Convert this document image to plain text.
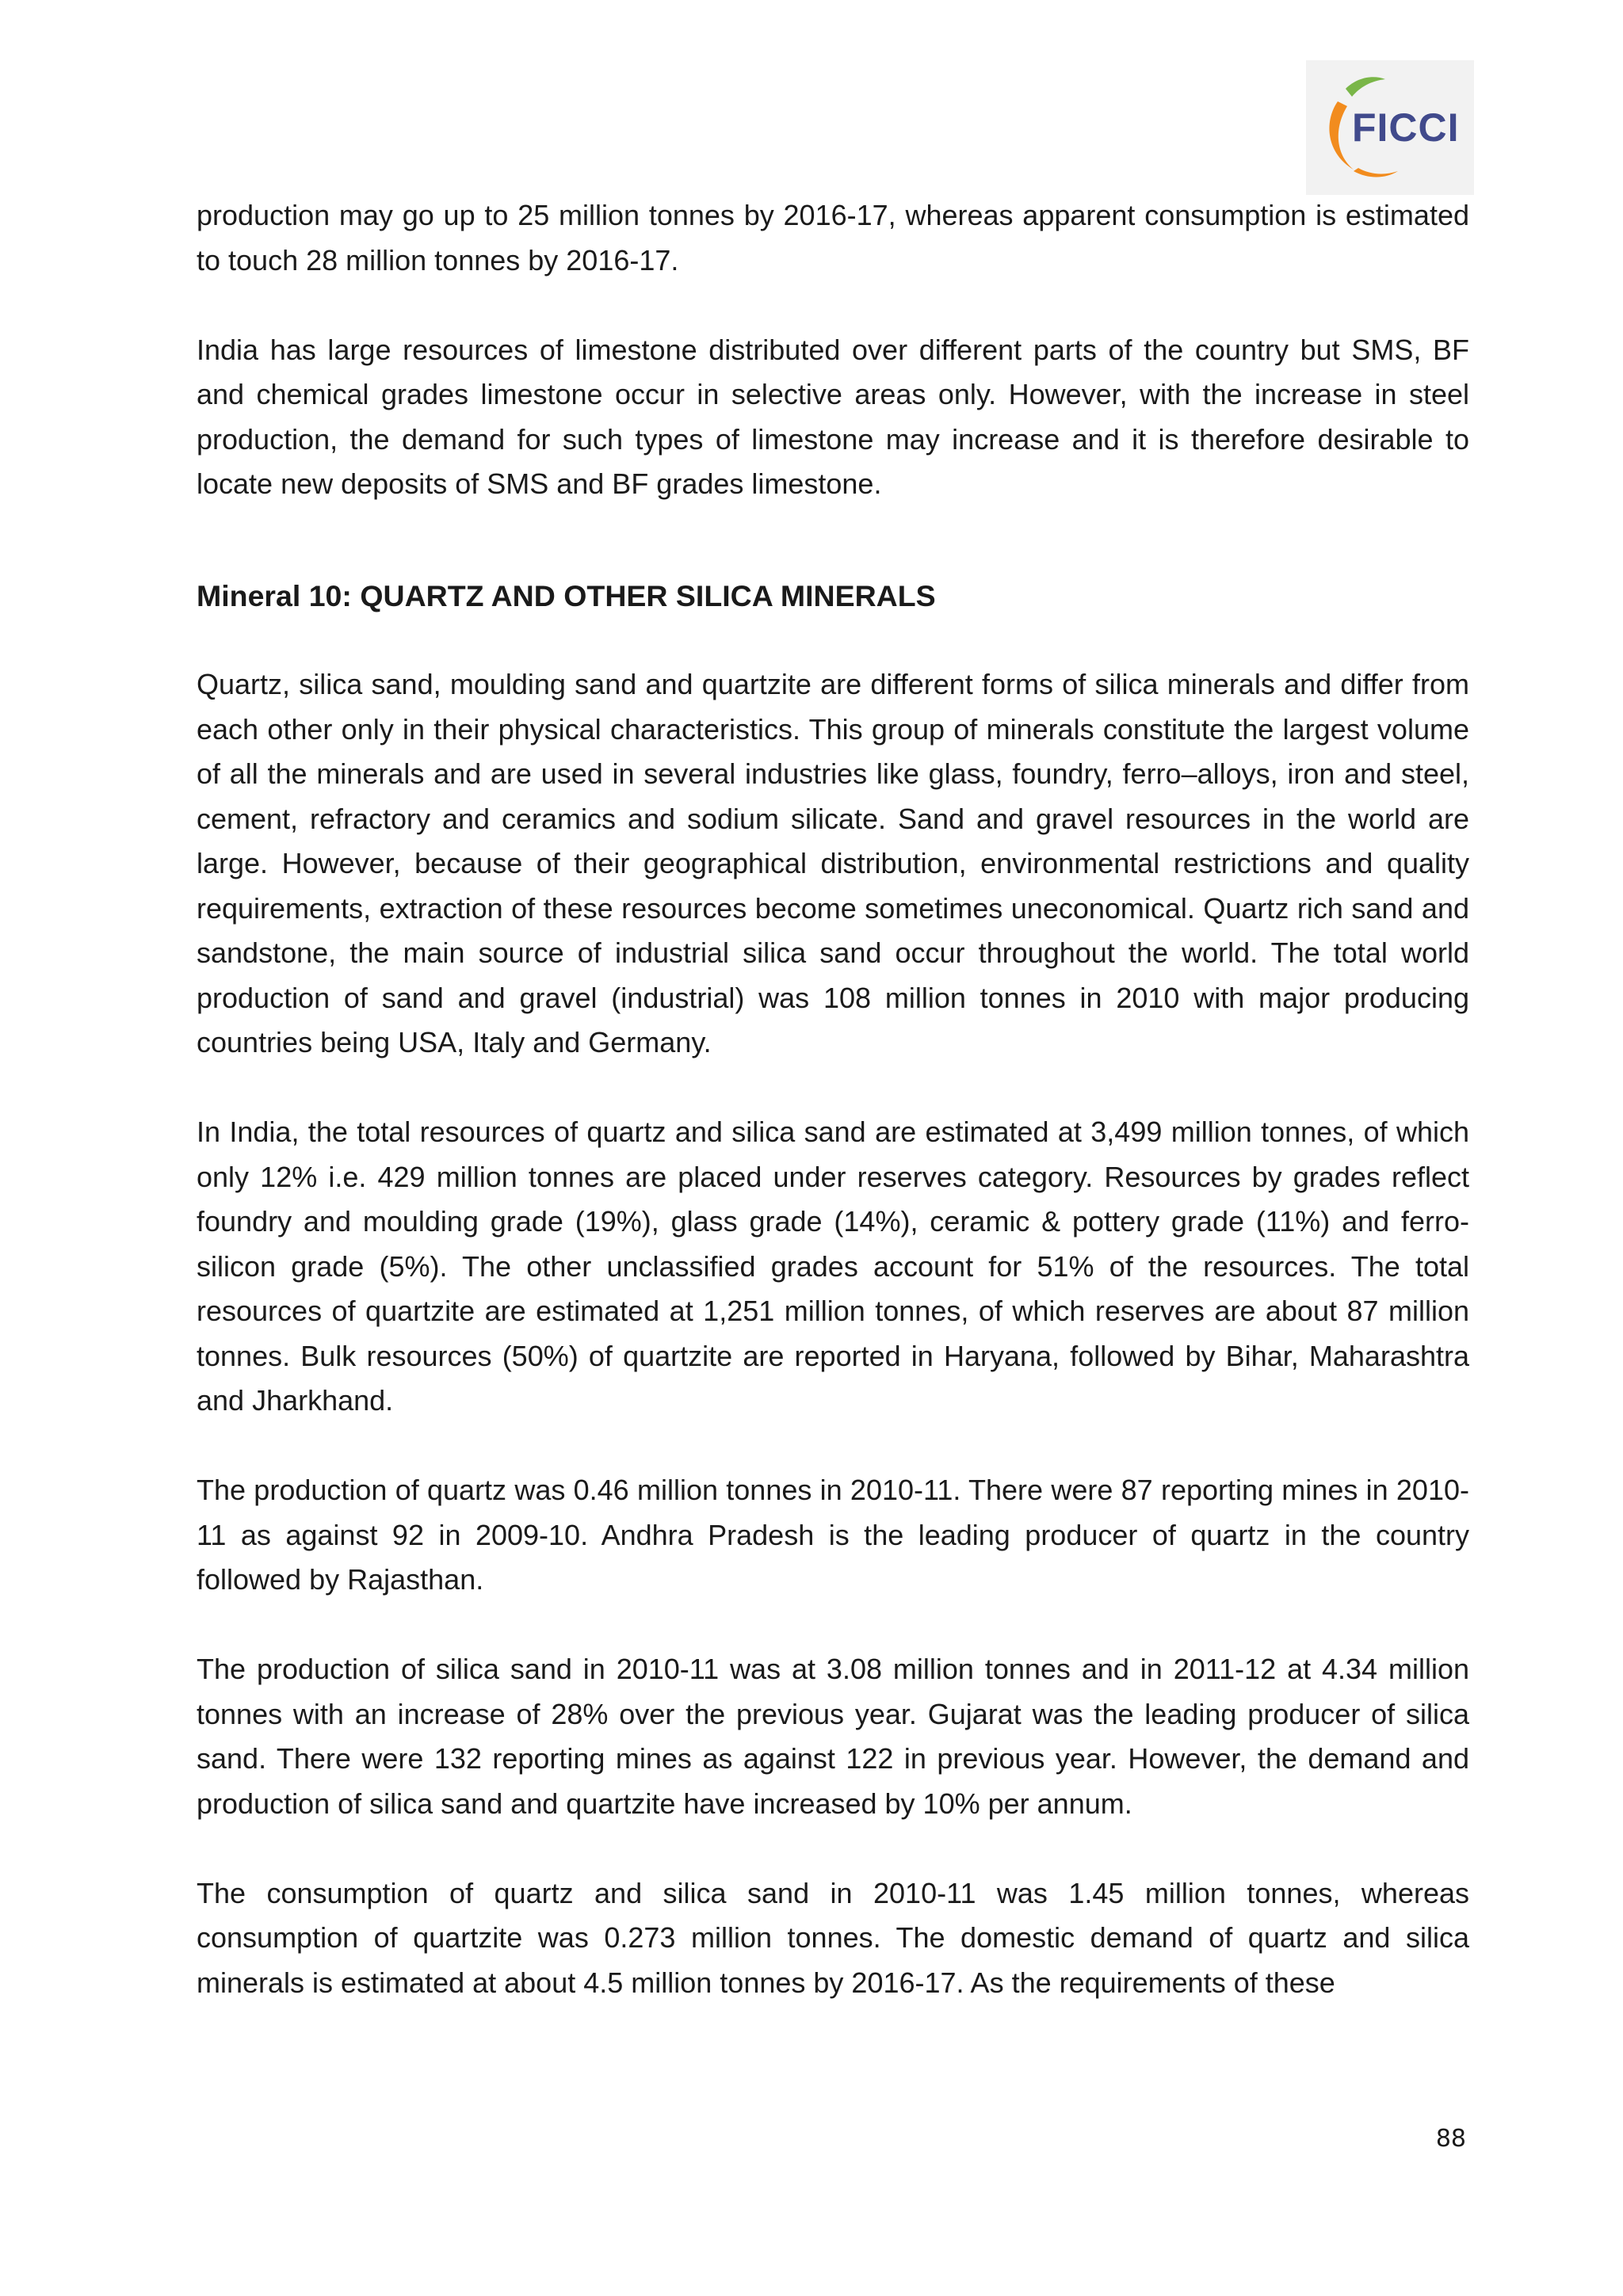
FICCI

production may go up to 25 million tonnes by 2016-17, whereas apparent consumption is estimated to touch 28 million tonnes by 2016-17.

India has large resources of limestone distributed over different parts of the country but SMS, BF and chemical grades limestone occur in selective areas only. However, with the increase in steel production, the demand for such types of limestone may increase and it is therefore desirable to locate new deposits of SMS and BF grades limestone.

Mineral 10: QUARTZ AND OTHER SILICA MINERALS

Quartz, silica sand, moulding sand and quartzite are different forms of silica minerals and differ from each other only in their physical characteristics. This group of minerals constitute the largest volume of all the minerals and are used in several industries like glass, foundry, ferro–alloys, iron and steel, cement, refractory and ceramics and sodium silicate. Sand and gravel resources in the world are large. However, because of their geographical distribution, environmental restrictions and quality requirements, extraction of these resources become sometimes uneconomical. Quartz rich sand and sandstone, the main source of industrial silica sand occur throughout the world. The total world production of sand and gravel (industrial) was 108 million tonnes in 2010 with major producing countries being USA, Italy and Germany.

In India, the total resources of quartz and silica sand are estimated at 3,499 million tonnes, of which only 12% i.e. 429 million tonnes are placed under reserves category. Resources by grades reflect foundry and moulding grade (19%), glass grade (14%), ceramic & pottery grade (11%) and ferro-silicon grade (5%). The other unclassified grades account for 51% of the resources. The total resources of quartzite are estimated at 1,251 million tonnes, of which reserves are about 87 million tonnes. Bulk resources (50%) of quartzite are reported in Haryana, followed by Bihar, Maharashtra and Jharkhand.

The production of quartz was 0.46 million tonnes in 2010-11. There were 87 reporting mines in 2010-11 as against 92 in 2009-10. Andhra Pradesh is the leading producer of quartz in the country followed by Rajasthan.

The production of silica sand in 2010-11 was at 3.08 million tonnes and in 2011-12 at 4.34 million tonnes with an increase of 28% over the previous year. Gujarat was the leading producer of silica sand. There were 132 reporting mines as against 122 in previous year. However, the demand and production of silica sand and quartzite have increased by 10% per annum.

The consumption of quartz and silica sand in 2010-11 was 1.45 million tonnes, whereas consumption of quartzite was 0.273 million tonnes. The domestic demand of quartz and silica minerals is estimated at about 4.5 million tonnes by 2016-17. As the requirements of these

88
